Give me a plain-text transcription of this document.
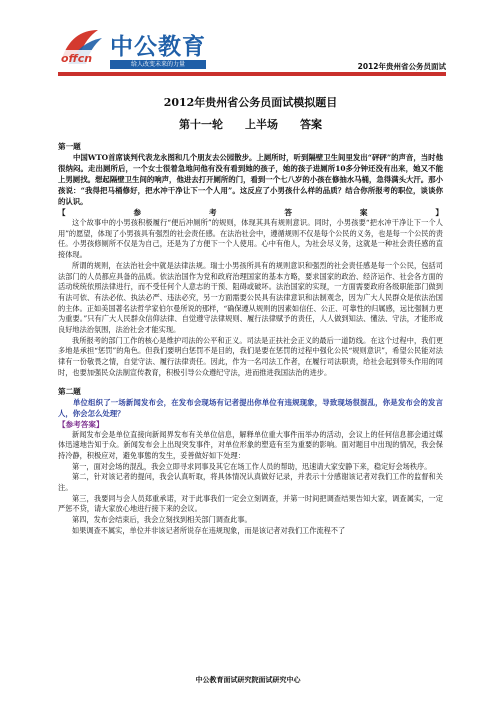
offcn 中公教育
给人改变未来的力量	2012年贵州省公务员面试
2012年贵州省公务员面试模拟题目
第十一轮 上半场 答案

第一题

中国WTO首席谈判代表龙永图和几个朋友去公园散步。上厕所时，听到隔壁卫生间里发出“砰砰”的声音，当时他很纳闷。走出厕所后，一个女士很着急地问他有没有看到她的孩子，她的孩子进厕所10多分钟还没有出来，她又不能上男厕找。想起隔壁卫生间的响声，他进去打开厕所的门，看到一个七八岁的小孩在修抽水马桶，急得满头大汗。那小孩说：“我得把马桶修好，把水冲干净让下一个人用”。这反应了小男孩什么样的品质？结合你所报考的职位，谈谈你的认识。

【	参	考	答	案	】

这个故事中的小男孩积极履行“便后冲厕所”的规则，体现其具有规则意识。同时，小男孩要“把水冲干净让下一个人用”的愿望，体现了小男孩具有强烈的社会责任感。在法治社会中，遵循规则不仅是每个公民的义务，也是每一个公民的责任。小男孩修厕所不仅是为自己，还是为了方便下一个人使用。心中有他人，为社会尽义务，这就是一种社会责任感的直接体现。

所谓的规则，在法治社会中就是法律法规。瑞士小男孩所具有的规则意识和强烈的社会责任感是每一个公民，包括司法部门的人员都应具备的品质。依法治国作为党和政府治理国家的基本方略，要求国家的政治、经济运作、社会各方面的活动统统依照法律进行，而不受任何个人意志的干预、阻碍或破坏。法治国家的实现，一方面需要政府各级职能部门做到有法可依、有法必依、执法必严、违法必究，另一方面需要公民具有法律意识和法制观念，因为广大人民群众是依法治国的主体。正如美国著名法哲学家伯尔曼所说的那样，“确保遵从规则的因素如信任、公正、可靠性的归属感，远比强制力更为重要。”只有广大人民群众信仰法律、自觉遵守法律规则、履行法律赋予的责任，人人做到知法、懂法、守法，才能形成良好地法治氛围，法治社会才能实现。

我所报考的部门工作的核心是维护司法的公平和正义。司法是正扶社会正义的最后一道防线。在这个过程中，我们更多地是承担“惩罚”的角色。但我们要明白惩罚不是目的，我们是要在惩罚的过程中强化公民“规则意识”，希望公民能对法律有一份敬畏之情，自觉守法、履行法律责任。因此，作为一名司法工作者，在履行司法职责，给社会起到带头作用的同时，也要加强民众法制宣传教育，积极引导公众遵纪守法，进而推进我国法治的进步。

第二题

单位组织了一场新闻发布会，在发布会现场有记者提出你单位有违规现象，导致现场很混乱，你是发布会的发言人，你会怎么处理？

【参考答案】

新闻发布会是单位直接向新闻界发布有关单位信息，解释单位重大事件而举办的活动，会议上的任何信息都会通过媒体迅速地告知于众。新闻发布会上出现突发事件，对单位形象的塑造有至为重要的影响。面对题目中出现的情况，我会保持冷静，积极应对，避免事態的发生，妥善做好如下处理：

第一，面对会场的混乱，我会立即寻求同事及其它在场工作人员的帮助，迅速请大家安静下来，稳定好会场秩序。

第二，针对该记者的提问，我会认真听取，将具体情况认真做好记录，并表示十分感谢该记者对我们工作的监督和关注。

第三，我要同与会人员郑重承诺，对于此事我们一定会立刻调查，并第一时间把调查结果告知大家，调查属实，一定严惩不贷，请大家放心地进行接下来的会议。

第四，发布会结束后，我会立刻找到相关部门调查此事。

如果调查不属实，单位并非该记者所说存在违规现象，而是该记者对我们工作流程不了

中公教育面试研究院面试研究中心
